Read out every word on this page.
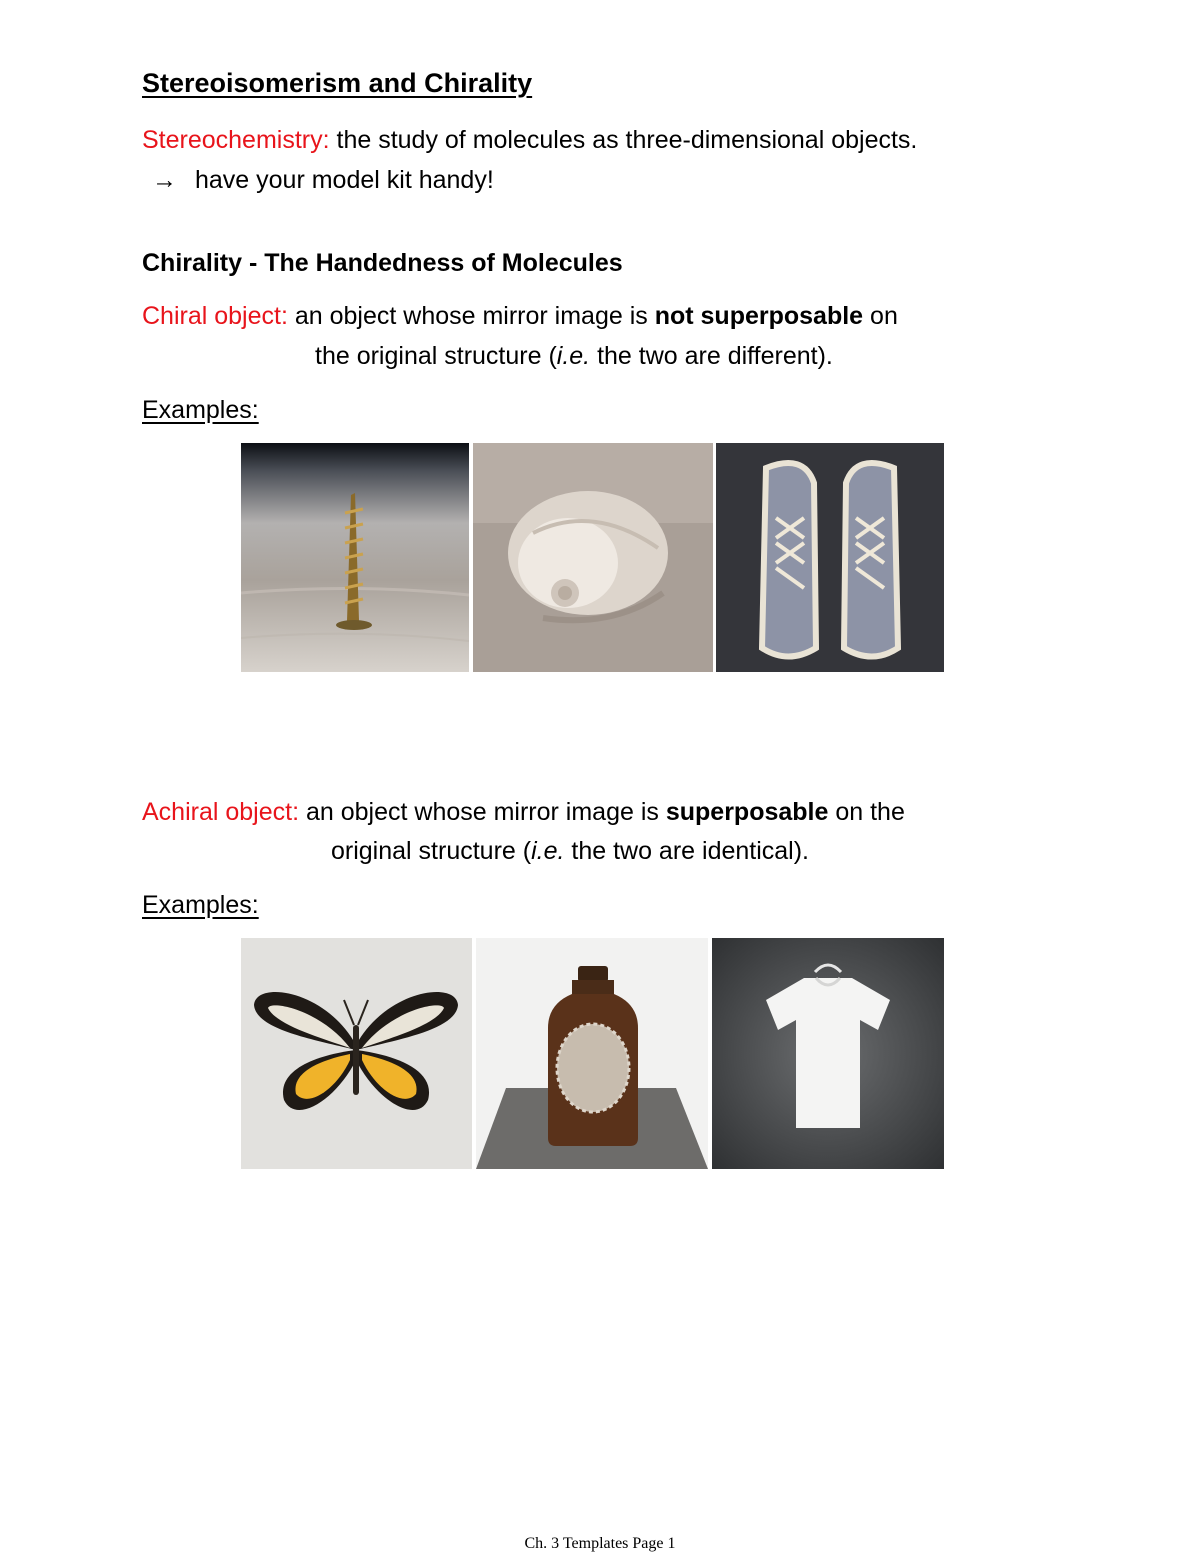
Stereoisomerism and Chirality
Stereochemistry: the study of molecules as three-dimensional objects.
→ have your model kit handy!
Chirality - The Handedness of Molecules
Chiral object: an object whose mirror image is not superposable on
the original structure (i.e. the two are different).
Examples:
Achiral object: an object whose mirror image is superposable on the
original structure (i.e. the two are identical).
Examples:
Ch. 3 Templates Page 1
